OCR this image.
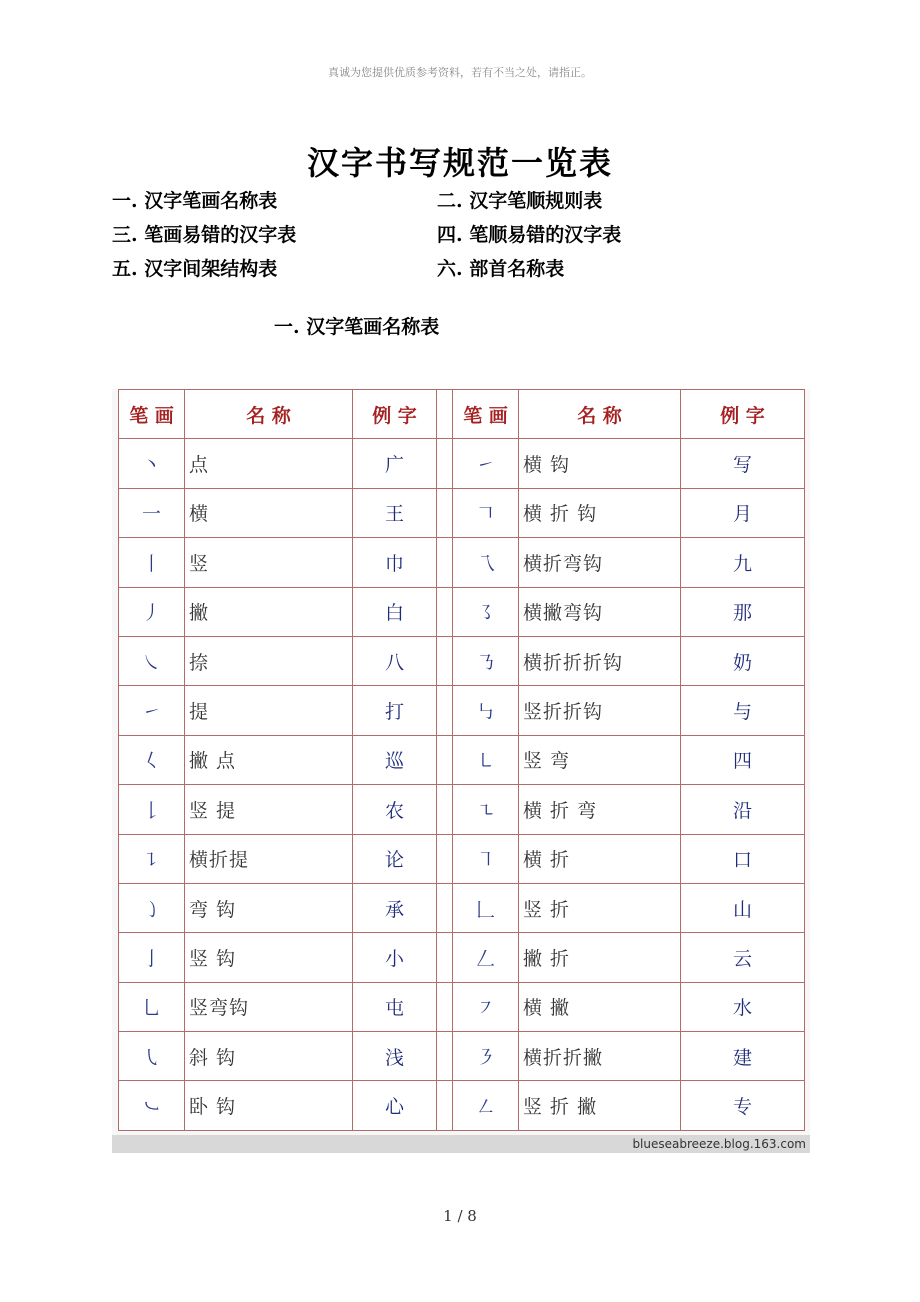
真诚为您提供优质参考资料，若有不当之处，请指正。
汉字书写规范一览表
一. 汉字笔画名称表	二. 汉字笔顺规则表
三. 笔画易错的汉字表	四. 笔顺易错的汉字表
五. 汉字间架结构表	六. 部首名称表
一. 汉字笔画名称表
笔 画	名 称	例 字		笔 画	名 称	例 字
丶	点	广		㇀	横 钩	写
一	横	王		𠃍	横 折 钩	月
丨	竖	巾		乁	横折弯钩	九
丿	撇	白		㇌	横撇弯钩	那
㇏	捺	八		㇡	横折折折钩	奶
㇀	提	打		㇉	竖折折钩	与
𡿨	撇 点	巡		㇄	竖 弯	四
𠄌	竖 提	农		㇍	横 折 弯	沿
㇊	横折提	论		㇕	横 折	口
㇁	弯 钩	承		𠃊	竖 折	山
亅	竖 钩	小		𠃋	撇 折	云
乚	竖弯钩	屯		㇇	横 撇	水
㇂	斜 钩	浅		㇋	横折折撇	建
㇃	卧 钩	心		㇜	竖 折 撇	专
blueseabreeze.blog.163.com
1 / 8
